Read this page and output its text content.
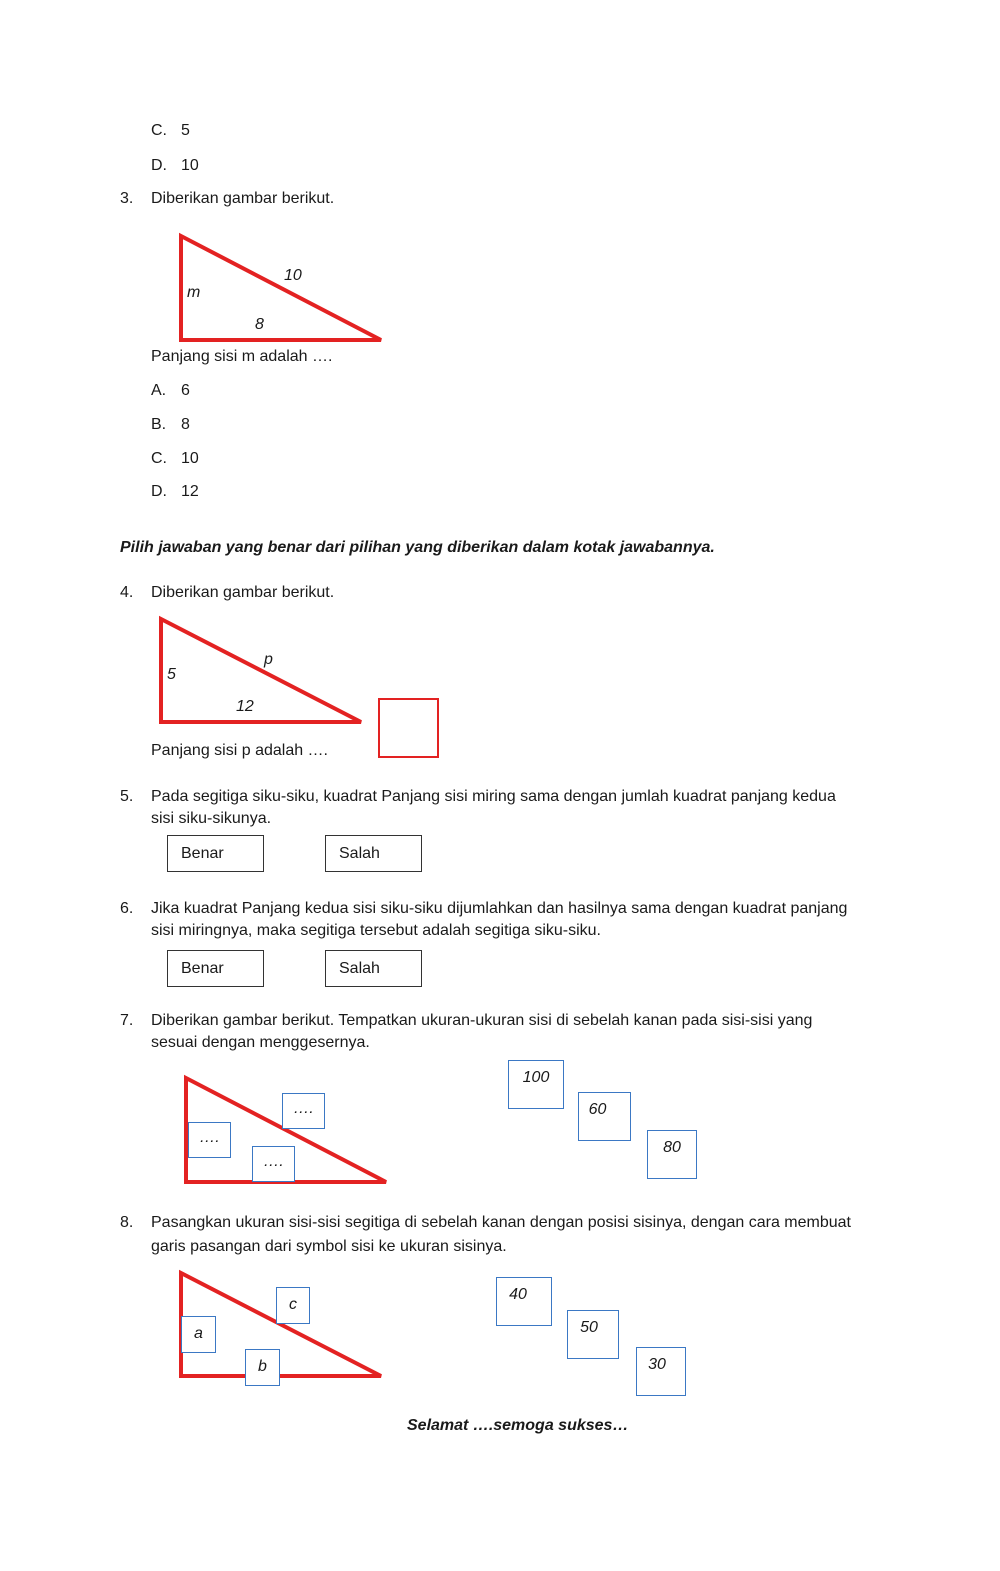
C. 5
D. 10
3. Diberikan gambar berikut.
10
m
8
Panjang sisi m adalah ….
A. 6
B. 8
C. 10
D. 12
Pilih jawaban yang benar dari pilihan yang diberikan dalam kotak jawabannya.
4. Diberikan gambar berikut.
p
5
12
Panjang sisi p adalah ….
5. Pada segitiga siku-siku, kuadrat Panjang sisi miring sama dengan jumlah kuadrat panjang kedua
sisi siku-sikunya.
Benar	Salah
6. Jika kuadrat Panjang kedua sisi siku-siku dijumlahkan dan hasilnya sama dengan kuadrat panjang
sisi miringnya, maka segitiga tersebut adalah segitiga siku-siku.
Benar	Salah
7. Diberikan gambar berikut. Tempatkan ukuran-ukuran sisi di sebelah kanan pada sisi-sisi yang
sesuai dengan menggesernya.
….
….
….
100
60
80
8. Pasangkan ukuran sisi-sisi segitiga di sebelah kanan dengan posisi sisinya, dengan cara membuat
garis pasangan dari symbol sisi ke ukuran sisinya.
c
a
b
40
50
30
Selamat ….semoga sukses…
